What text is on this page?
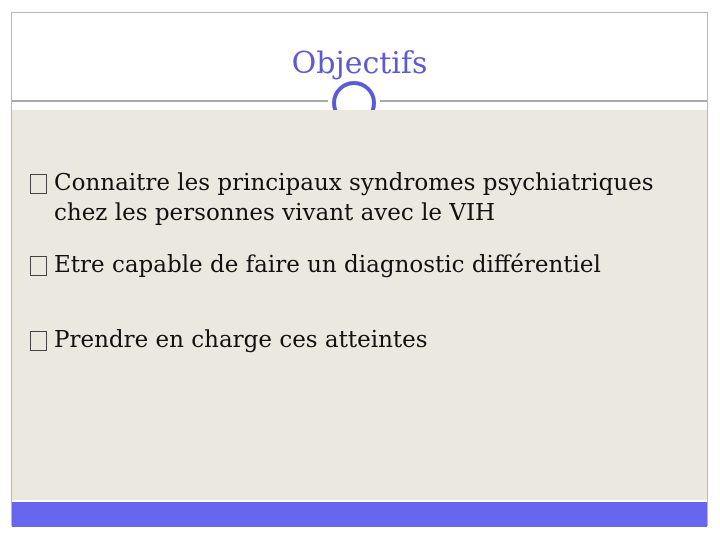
Objectifs
Connaitre les principaux syndromes psychiatriques chez les personnes vivant avec le VIH
Etre capable de faire un diagnostic différentiel
Prendre en charge ces atteintes
